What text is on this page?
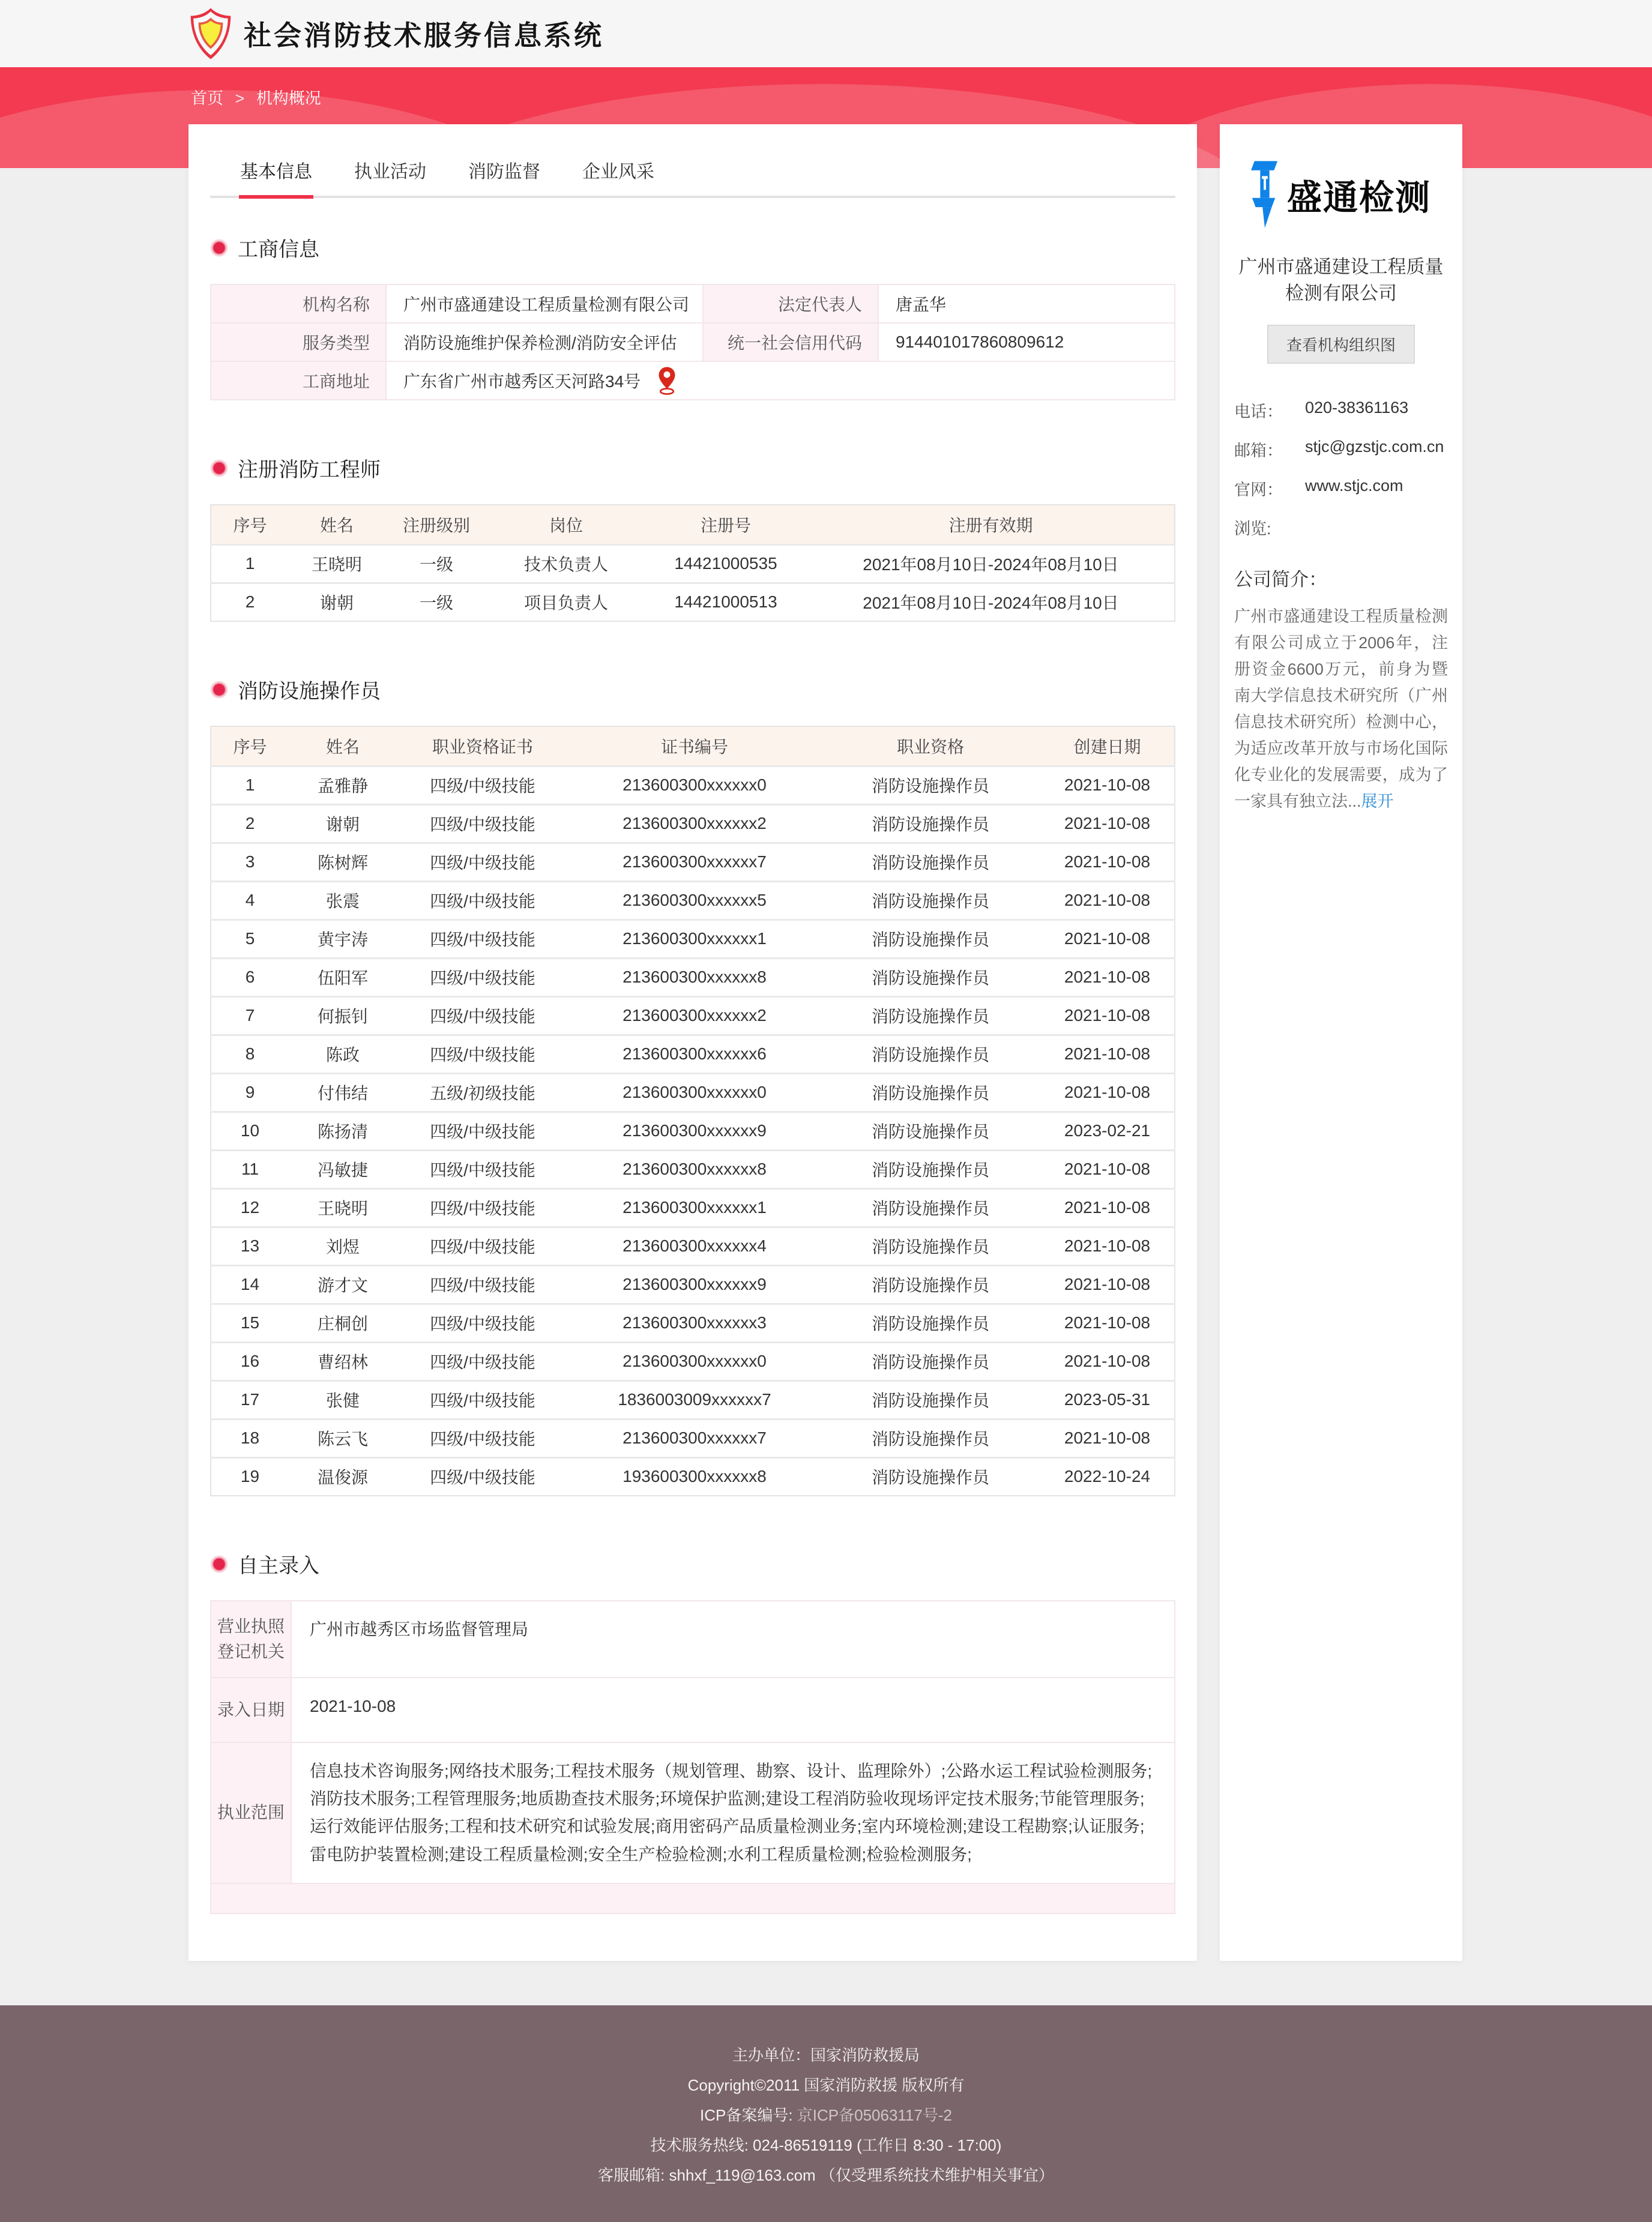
社会消防技术服务信息系统
首页 > 机构概况
基本信息 执业活动 消防监督 企业风采
工商信息
机构名称	广州市盛通建设工程质量检测有限公司	法定代表人	唐孟华
服务类型	消防设施维护保养检测/消防安全评估	统一社会信用代码	914401017860809612
工商地址	广东省广州市越秀区天河路34号		
注册消防工程师
序号	姓名	注册级别	岗位	注册号	注册有效期
1	王晓明	一级	技术负责人	14421000535	2021年08月10日-2024年08月10日
2	谢朝	一级	项目负责人	14421000513	2021年08月10日-2024年08月10日
消防设施操作员
序号	姓名	职业资格证书	证书编号	职业资格	创建日期
1	孟雅静	四级/中级技能	213600300xxxxxx0	消防设施操作员	2021-10-08
2	谢朝	四级/中级技能	213600300xxxxxx2	消防设施操作员	2021-10-08
3	陈树辉	四级/中级技能	213600300xxxxxx7	消防设施操作员	2021-10-08
4	张震	四级/中级技能	213600300xxxxxx5	消防设施操作员	2021-10-08
5	黄宇涛	四级/中级技能	213600300xxxxxx1	消防设施操作员	2021-10-08
6	伍阳军	四级/中级技能	213600300xxxxxx8	消防设施操作员	2021-10-08
7	何振钊	四级/中级技能	213600300xxxxxx2	消防设施操作员	2021-10-08
8	陈政	四级/中级技能	213600300xxxxxx6	消防设施操作员	2021-10-08
9	付伟结	五级/初级技能	213600300xxxxxx0	消防设施操作员	2021-10-08
10	陈扬清	四级/中级技能	213600300xxxxxx9	消防设施操作员	2023-02-21
11	冯敏捷	四级/中级技能	213600300xxxxxx8	消防设施操作员	2021-10-08
12	王晓明	四级/中级技能	213600300xxxxxx1	消防设施操作员	2021-10-08
13	刘煜	四级/中级技能	213600300xxxxxx4	消防设施操作员	2021-10-08
14	游才文	四级/中级技能	213600300xxxxxx9	消防设施操作员	2021-10-08
15	庄桐创	四级/中级技能	213600300xxxxxx3	消防设施操作员	2021-10-08
16	曹绍林	四级/中级技能	213600300xxxxxx0	消防设施操作员	2021-10-08
17	张健	四级/中级技能	1836003009xxxxxx7	消防设施操作员	2023-05-31
18	陈云飞	四级/中级技能	213600300xxxxxx7	消防设施操作员	2021-10-08
19	温俊源	四级/中级技能	193600300xxxxxx8	消防设施操作员	2022-10-24
自主录入
营业执照登记机关	广州市越秀区市场监督管理局
录入日期	2021-10-08
执业范围	信息技术咨询服务;网络技术服务;工程技术服务（规划管理、勘察、设计、监理除外）;公路水运工程试验检测服务;消防技术服务;工程管理服务;地质勘查技术服务;环境保护监测;建设工程消防验收现场评定技术服务;节能管理服务;运行效能评估服务;工程和技术研究和试验发展;商用密码产品质量检测业务;室内环境检测;建设工程勘察;认证服务;雷电防护装置检测;建设工程质量检测;安全生产检验检测;水利工程质量检测;检验检测服务;

盛通检测
广州市盛通建设工程质量检测有限公司
查看机构组织图
电话：	020-38361163
邮箱：	stjc@gzstjc.com.cn
官网：	www.stjc.com
浏览:
公司简介：

广州市盛通建设工程质量检测有限公司成立于2006年，注册资金6600万元，前身为暨南大学信息技术研究所（广州信息技术研究所）检测中心，为适应改革开放与市场化国际化专业化的发展需要，成为了一家具有独立法...展开

主办单位：国家消防救援局

Copyright©2011 国家消防救援 版权所有

ICP备案编号: 京ICP备05063117号-2

技术服务热线: 024-86519119 (工作日 8:30 - 17:00)

客服邮箱: shhxf_119@163.com （仅受理系统技术维护相关事宜）
